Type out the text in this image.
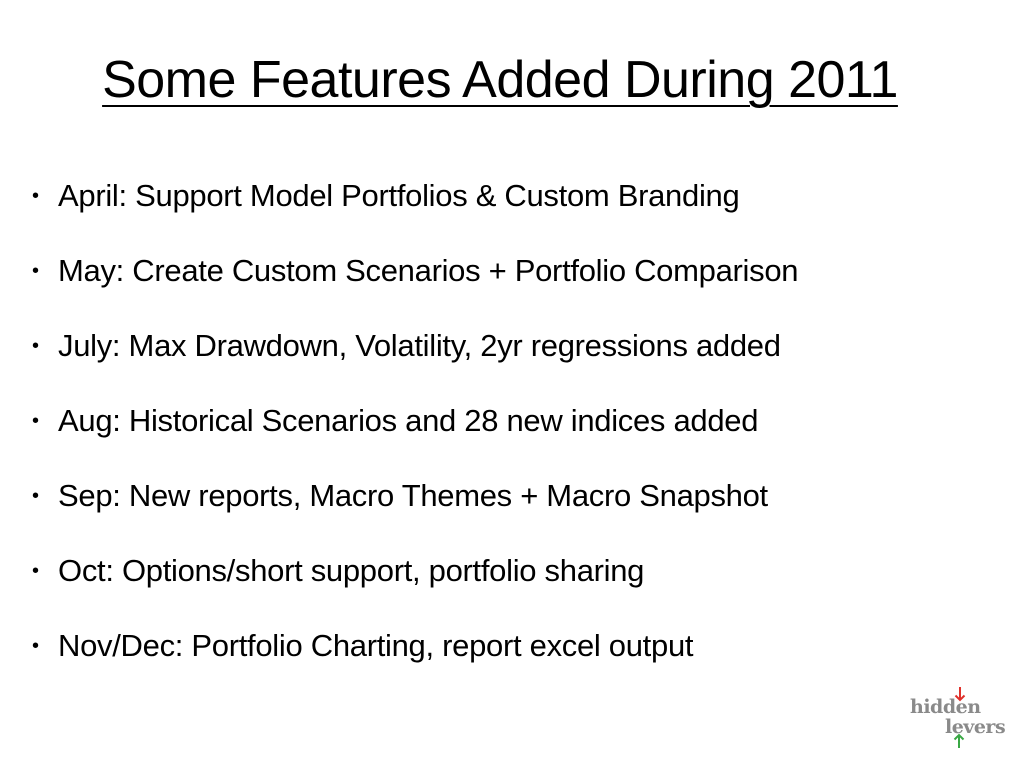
Some Features Added During 2011
• April: Support Model Portfolios & Custom Branding
• May: Create Custom Scenarios + Portfolio Comparison
• July: Max Drawdown, Volatility, 2yr regressions added
• Aug: Historical Scenarios and 28 new indices added
• Sep: New reports, Macro Themes + Macro Snapshot
• Oct: Options/short support, portfolio sharing
• Nov/Dec: Portfolio Charting, report excel output
hidden
levers
